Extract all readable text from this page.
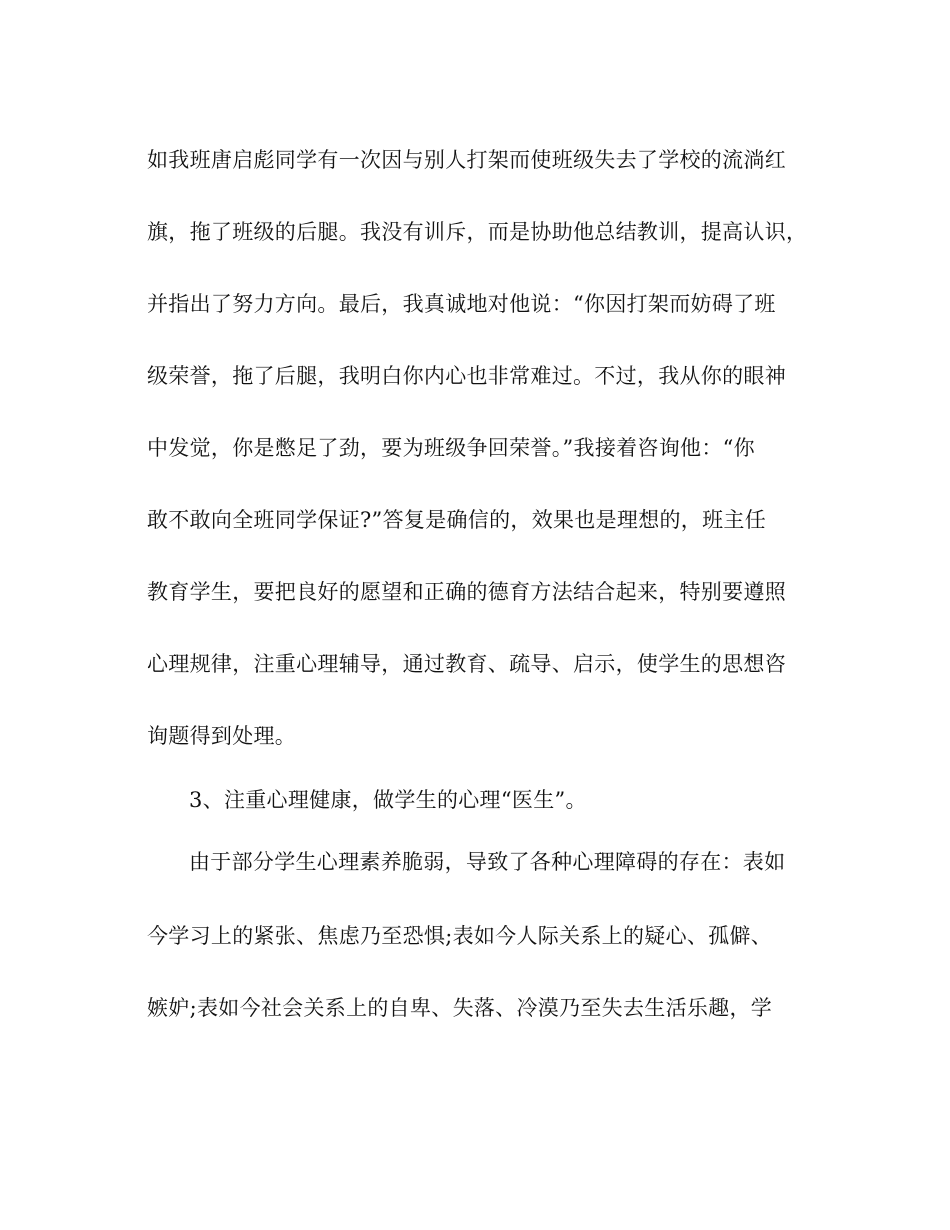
如我班唐启彪同学有一次因与别人打架而使班级失去了学校的流淌红
旗，拖了班级的后腿。我没有训斥，而是协助他总结教训，提高认识，
并指出了努力方向。最后，我真诚地对他说：“你因打架而妨碍了班
级荣誉，拖了后腿，我明白你内心也非常难过。不过，我从你的眼神
中发觉，你是憋足了劲，要为班级争回荣誉。”我接着咨询他：“你
敢不敢向全班同学保证?”答复是确信的，效果也是理想的，班主任
教育学生，要把良好的愿望和正确的德育方法结合起来，特别要遵照
心理规律，注重心理辅导，通过教育、疏导、启示，使学生的思想咨
询题得到处理。
3、注重心理健康，做学生的心理“医生”。
由于部分学生心理素养脆弱，导致了各种心理障碍的存在：表如
今学习上的紧张、焦虑乃至恐惧;表如今人际关系上的疑心、孤僻、
嫉妒;表如今社会关系上的自卑、失落、冷漠乃至失去生活乐趣，学
